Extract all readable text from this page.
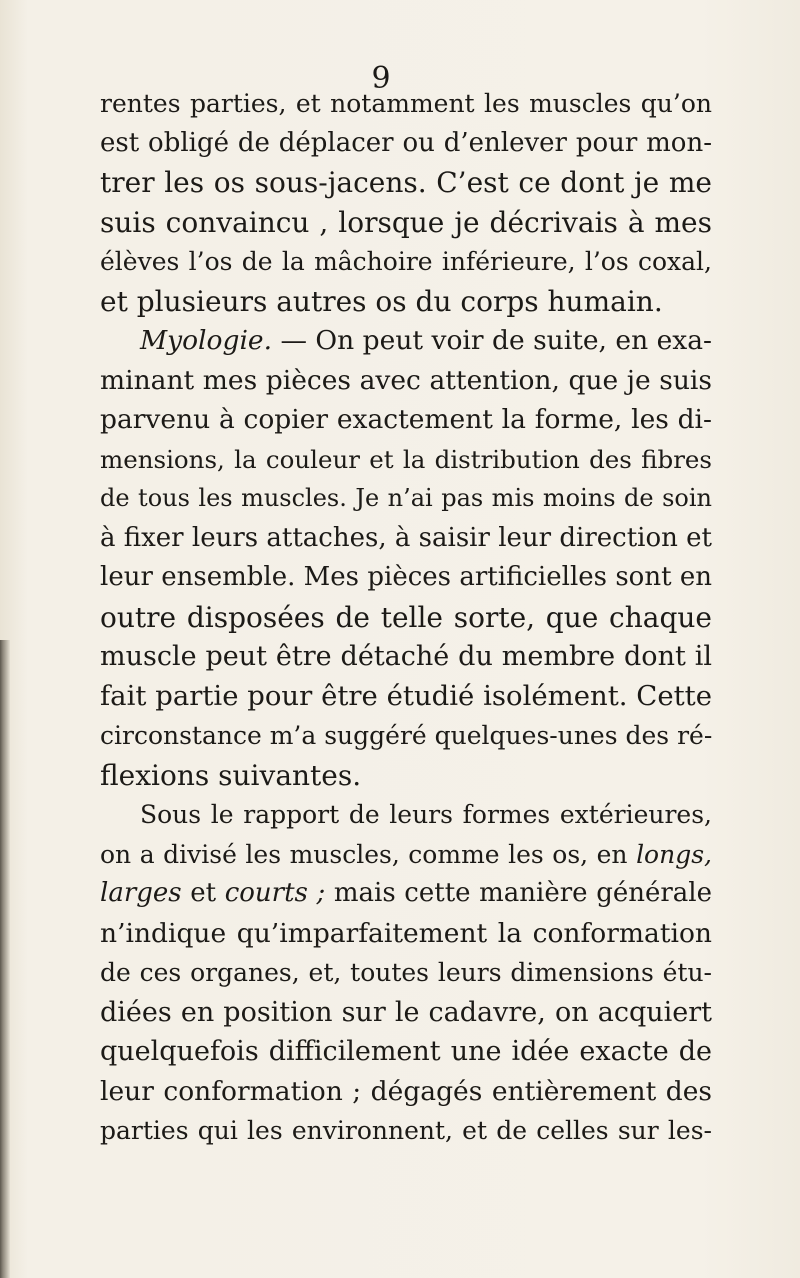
9
rentes parties, et notamment les muscles qu’on
est obligé de déplacer ou d’enlever pour mon-
trer les os sous-jacens. C’est ce dont je me
suis convaincu , lorsque je décrivais à mes
élèves l’os de la mâchoire inférieure, l’os coxal,
et plusieurs autres os du corps humain.
Myologie. — On peut voir de suite, en exa-
minant mes pièces avec attention, que je suis
parvenu à copier exactement la forme, les di-
mensions, la couleur et la distribution des fibres
de tous les muscles. Je n’ai pas mis moins de soin
à fixer leurs attaches, à saisir leur direction et
leur ensemble. Mes pièces artificielles sont en
outre disposées de telle sorte, que chaque
muscle peut être détaché du membre dont il
fait partie pour être étudié isolément. Cette
circonstance m’a suggéré quelques-unes des ré-
flexions suivantes.
Sous le rapport de leurs formes extérieures,
on a divisé les muscles, comme les os, en longs,
larges et courts ; mais cette manière générale
n’indique qu’imparfaitement la conformation
de ces organes, et, toutes leurs dimensions étu-
diées en position sur le cadavre, on acquiert
quelquefois difficilement une idée exacte de
leur conformation ; dégagés entièrement des
parties qui les environnent, et de celles sur les-
